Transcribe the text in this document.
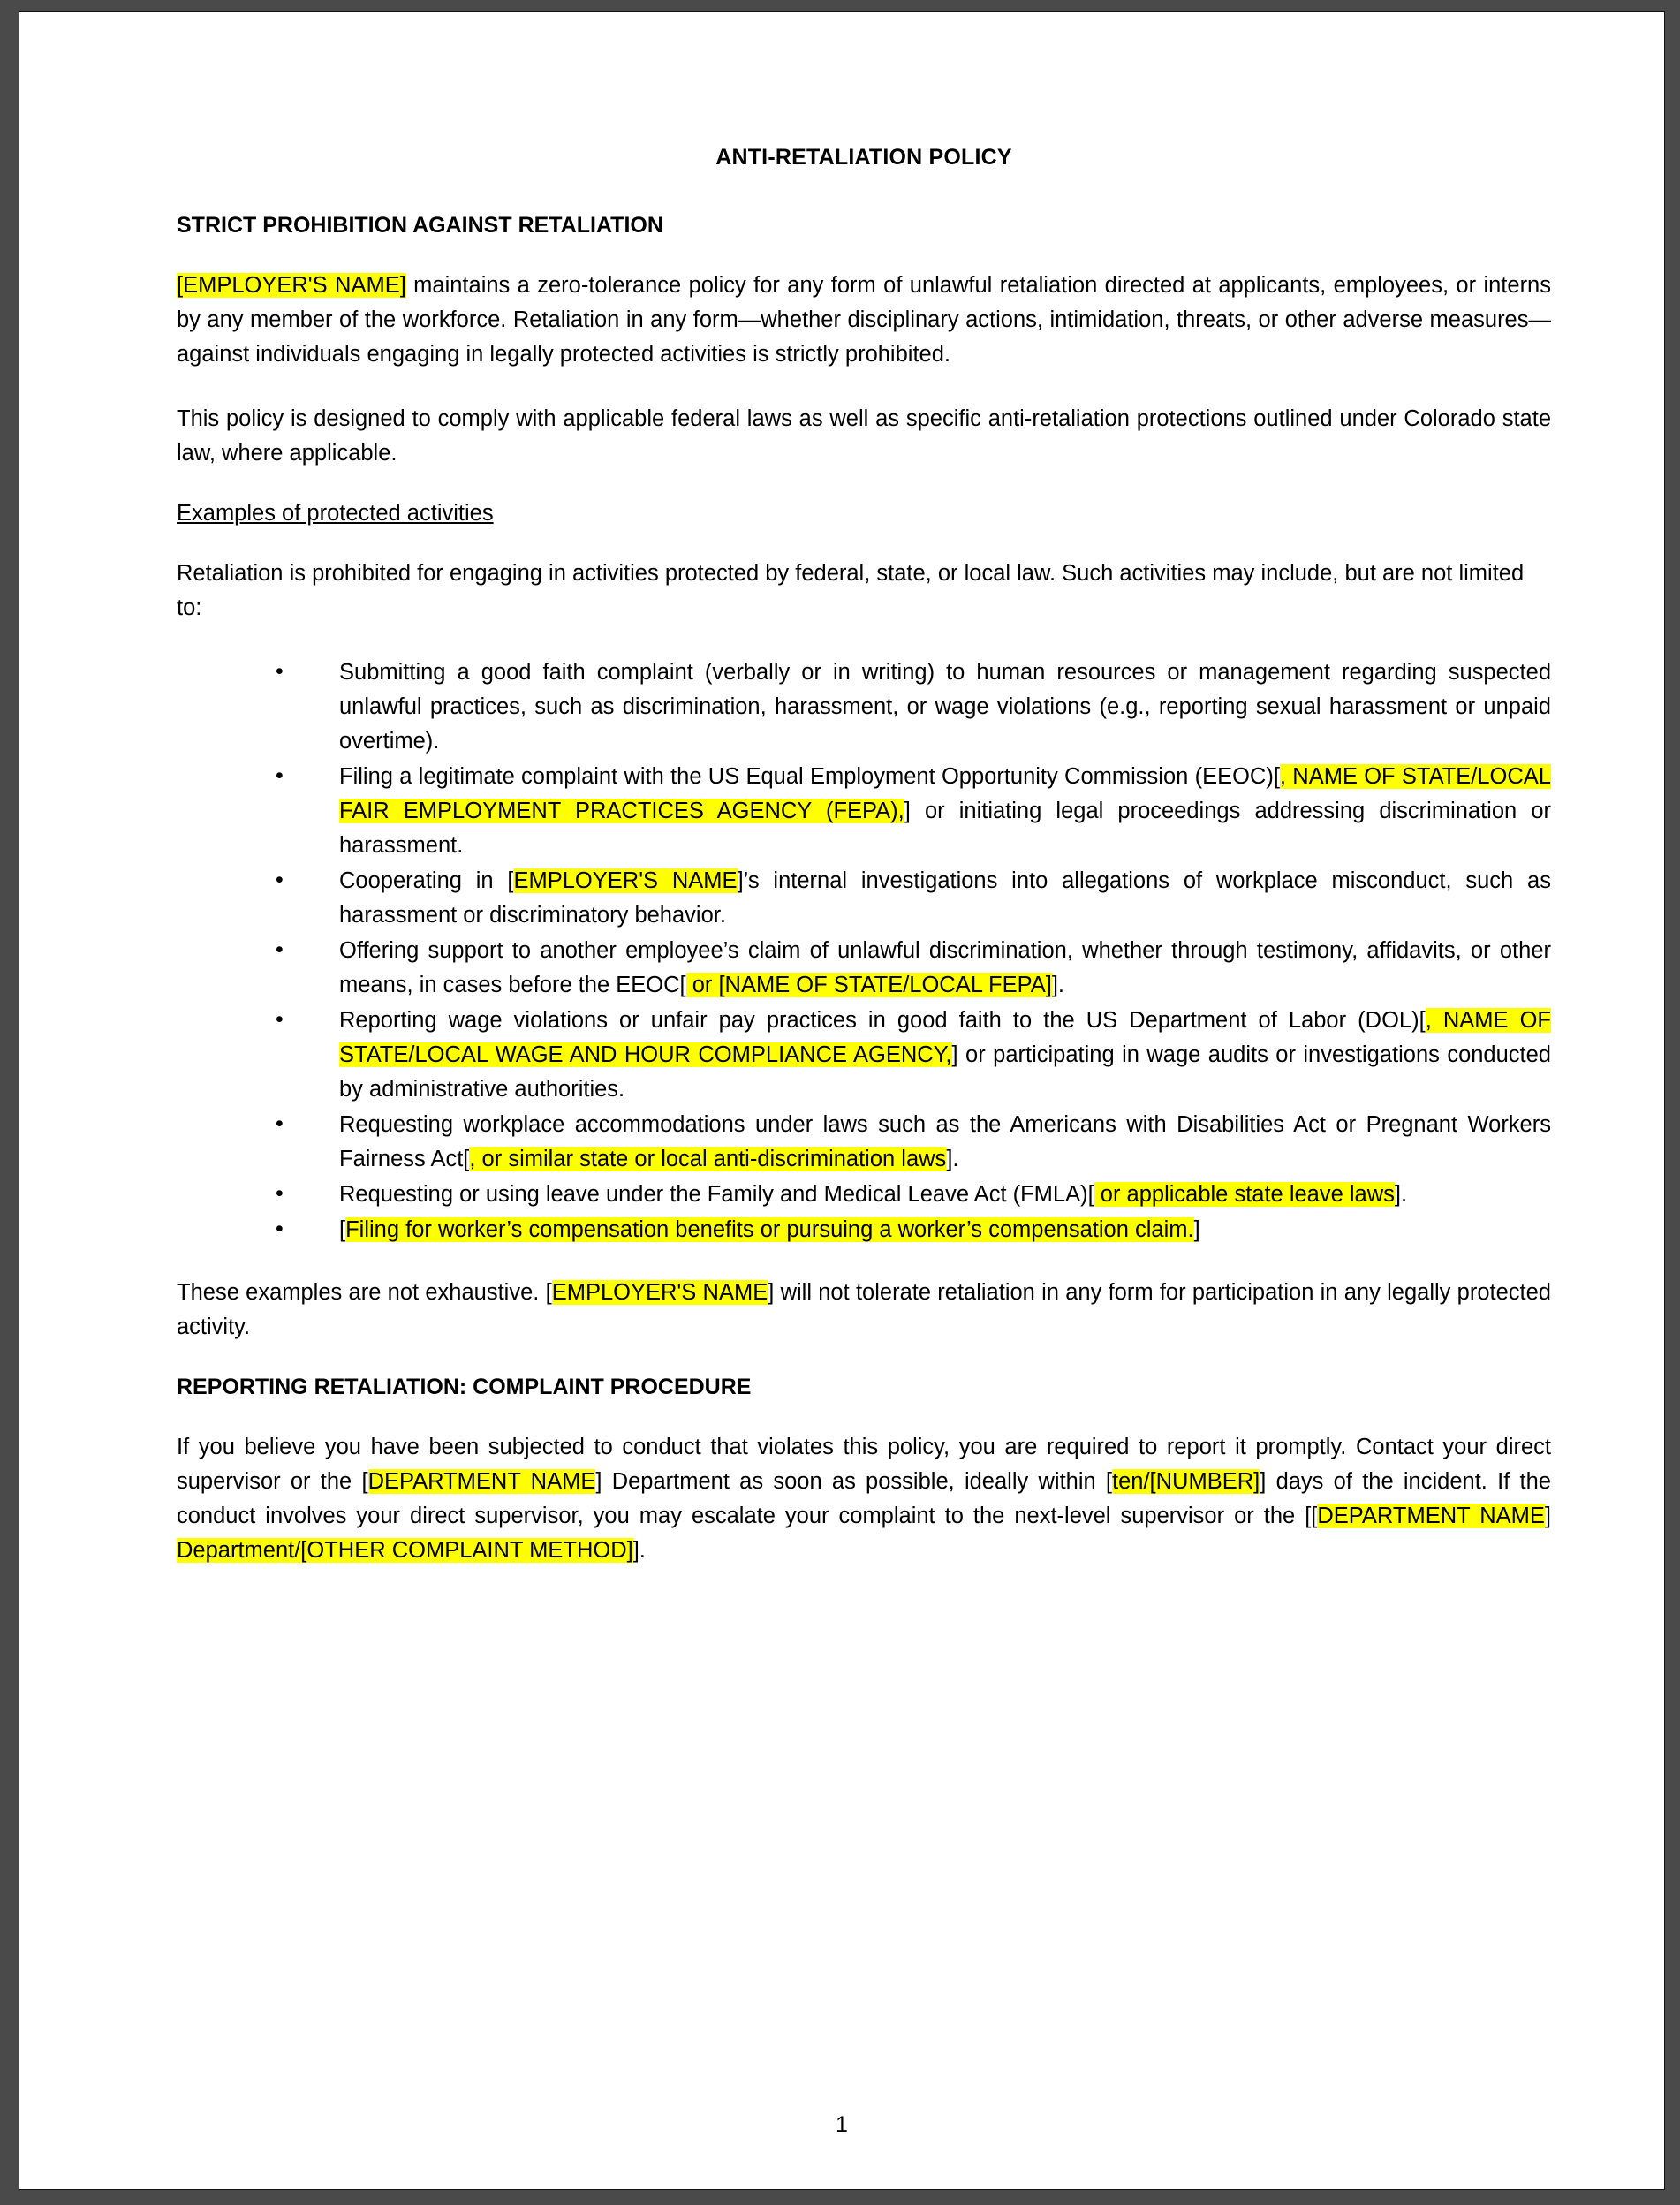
ANTI-RETALIATION POLICY
STRICT PROHIBITION AGAINST RETALIATION

[EMPLOYER'S NAME] maintains a zero-tolerance policy for any form of unlawful retaliation directed at applicants, employees, or interns by any member of the workforce. Retaliation in any form—whether disciplinary actions, intimidation, threats, or other adverse measures—against individuals engaging in legally protected activities is strictly prohibited.

This policy is designed to comply with applicable federal laws as well as specific anti-retaliation protections outlined under Colorado state law, where applicable.

Examples of protected activities

Retaliation is prohibited for engaging in activities protected by federal, state, or local law. Such activities may include, but are not limited to:

• Submitting a good faith complaint (verbally or in writing) to human resources or management regarding suspected unlawful practices, such as discrimination, harassment, or wage violations (e.g., reporting sexual harassment or unpaid overtime).
• Filing a legitimate complaint with the US Equal Employment Opportunity Commission (EEOC)[, NAME OF STATE/LOCAL FAIR EMPLOYMENT PRACTICES AGENCY (FEPA),] or initiating legal proceedings addressing discrimination or harassment.
• Cooperating in [EMPLOYER'S NAME]’s internal investigations into allegations of workplace misconduct, such as harassment or discriminatory behavior.
• Offering support to another employee’s claim of unlawful discrimination, whether through testimony, affidavits, or other means, in cases before the EEOC[ or [NAME OF STATE/LOCAL FEPA]].
• Reporting wage violations or unfair pay practices in good faith to the US Department of Labor (DOL)[, NAME OF STATE/LOCAL WAGE AND HOUR COMPLIANCE AGENCY,] or participating in wage audits or investigations conducted by administrative authorities.
• Requesting workplace accommodations under laws such as the Americans with Disabilities Act or Pregnant Workers Fairness Act[, or similar state or local anti-discrimination laws].
• Requesting or using leave under the Family and Medical Leave Act (FMLA)[ or applicable state leave laws].
• [Filing for worker’s compensation benefits or pursuing a worker’s compensation claim.]

These examples are not exhaustive. [EMPLOYER'S NAME] will not tolerate retaliation in any form for participation in any legally protected activity.

REPORTING RETALIATION: COMPLAINT PROCEDURE

If you believe you have been subjected to conduct that violates this policy, you are required to report it promptly. Contact your direct supervisor or the [DEPARTMENT NAME] Department as soon as possible, ideally within [ten/[NUMBER]] days of the incident. If the conduct involves your direct supervisor, you may escalate your complaint to the next-level supervisor or the [[DEPARTMENT NAME] Department/[OTHER COMPLAINT METHOD]].

1
